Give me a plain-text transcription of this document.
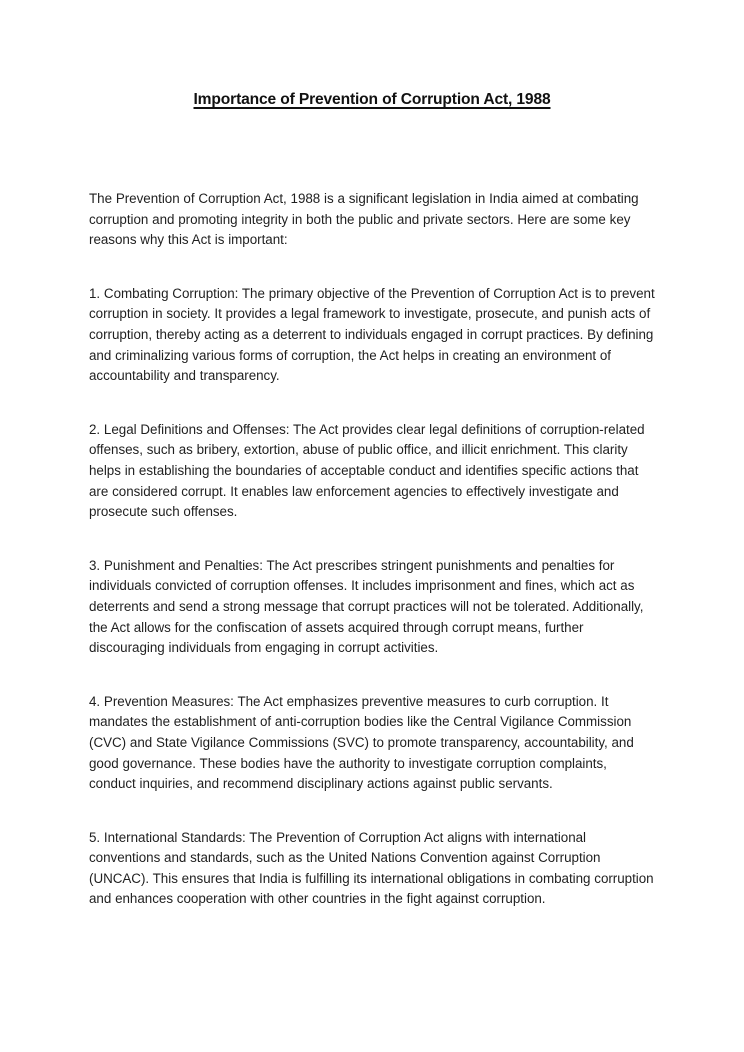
Importance of Prevention of Corruption Act, 1988

The Prevention of Corruption Act, 1988 is a significant legislation in India aimed at combating corruption and promoting integrity in both the public and private sectors. Here are some key reasons why this Act is important:

1. Combating Corruption: The primary objective of the Prevention of Corruption Act is to prevent corruption in society. It provides a legal framework to investigate, prosecute, and punish acts of corruption, thereby acting as a deterrent to individuals engaged in corrupt practices. By defining and criminalizing various forms of corruption, the Act helps in creating an environment of accountability and transparency.

2. Legal Definitions and Offenses: The Act provides clear legal definitions of corruption-related offenses, such as bribery, extortion, abuse of public office, and illicit enrichment. This clarity helps in establishing the boundaries of acceptable conduct and identifies specific actions that are considered corrupt. It enables law enforcement agencies to effectively investigate and prosecute such offenses.

3. Punishment and Penalties: The Act prescribes stringent punishments and penalties for individuals convicted of corruption offenses. It includes imprisonment and fines, which act as deterrents and send a strong message that corrupt practices will not be tolerated. Additionally, the Act allows for the confiscation of assets acquired through corrupt means, further discouraging individuals from engaging in corrupt activities.

4. Prevention Measures: The Act emphasizes preventive measures to curb corruption. It mandates the establishment of anti-corruption bodies like the Central Vigilance Commission (CVC) and State Vigilance Commissions (SVC) to promote transparency, accountability, and good governance. These bodies have the authority to investigate corruption complaints, conduct inquiries, and recommend disciplinary actions against public servants.

5. International Standards: The Prevention of Corruption Act aligns with international conventions and standards, such as the United Nations Convention against Corruption (UNCAC). This ensures that India is fulfilling its international obligations in combating corruption and enhances cooperation with other countries in the fight against corruption.
